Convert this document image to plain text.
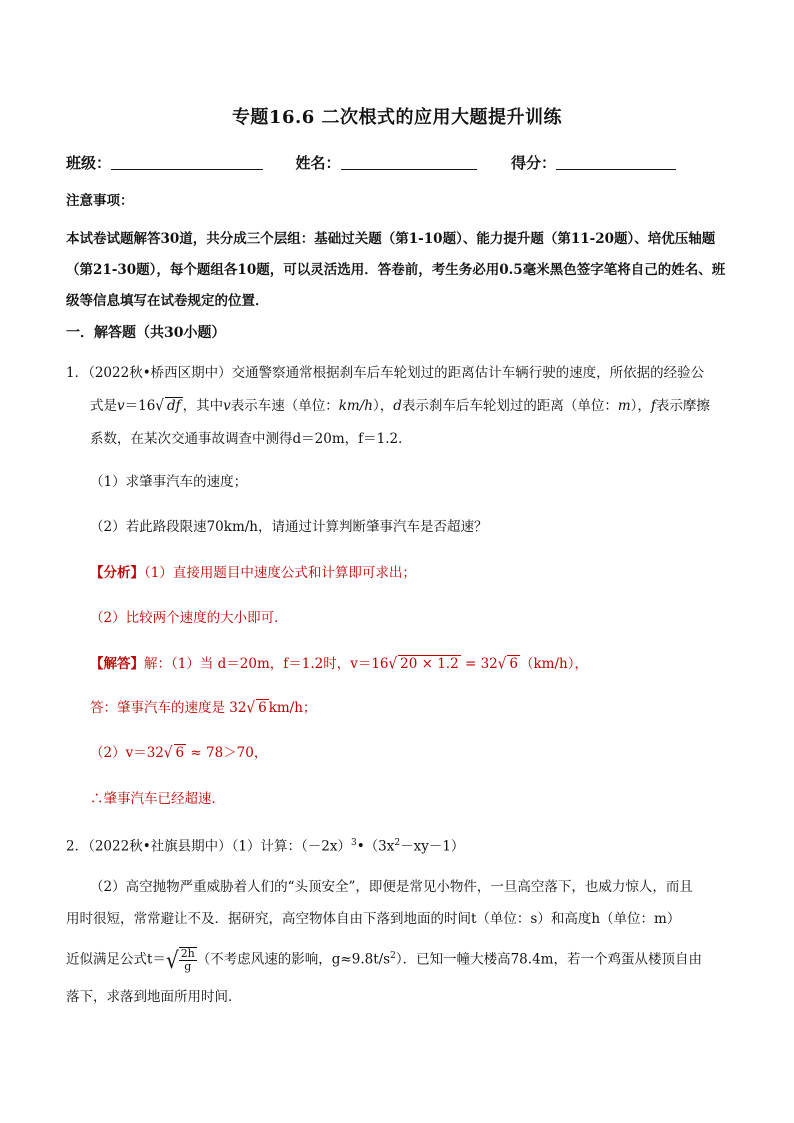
专题16.6 二次根式的应用大题提升训练
班级：	姓名：	得分：
注意事项：
本试卷试题解答30道，共分成三个层组：基础过关题（第1-10题）、能力提升题（第11-20题）、培优压轴题（第21-30题），每个题组各10题，可以灵活选用．答卷前，考生务必用0.5毫米黑色签字笔将自己的姓名、班级等信息填写在试卷规定的位置．
一．解答题（共30小题）
1．（2022秋•桥西区期中）交通警察通常根据刹车后车轮划过的距离估计车辆行驶的速度，所依据的经验公
式是v＝16√ df ，其中v表示车速（单位：km/h），d表示刹车后车轮划过的距离（单位：m），f表示摩擦
系数，在某次交通事故调查中测得d＝20m，f＝1.2．
（1）求肇事汽车的速度；
（2）若此路段限速70km/h，请通过计算判断肇事汽车是否超速？
【分析】（1）直接用题目中速度公式和计算即可求出；
（2）比较两个速度的大小即可．
【解答】解：（1）当 d＝20m，f＝1.2时，v＝16√ 20 × 1.2 = 32√ 6 （km/h），
答：肇事汽车的速度是 32√ 6 km/h；
（2）v＝32√ 6 ≈ 78＞70，
∴肇事汽车已经超速．
2．（2022秋•社旗县期中）（1）计算：$(-2x)^3•(3x^2-xy-1)$
（2）高空抛物严重威胁着人们的“头顶安全”，即便是常见小物件，一旦高空落下，也威力惊人，而且
用时很短，常常避让不及．据研究，高空物体自由下落到地面的时间t（单位：s）和高度h（单位：m）
近似满足公式$t=√ \frac{2h}{g}$ （不考虑风速的影响，$g\approx 9.8t/s^2$）．已知一幢大楼高78.4m，若一个鸡蛋从楼顶自由
落下，求落到地面所用时间．
